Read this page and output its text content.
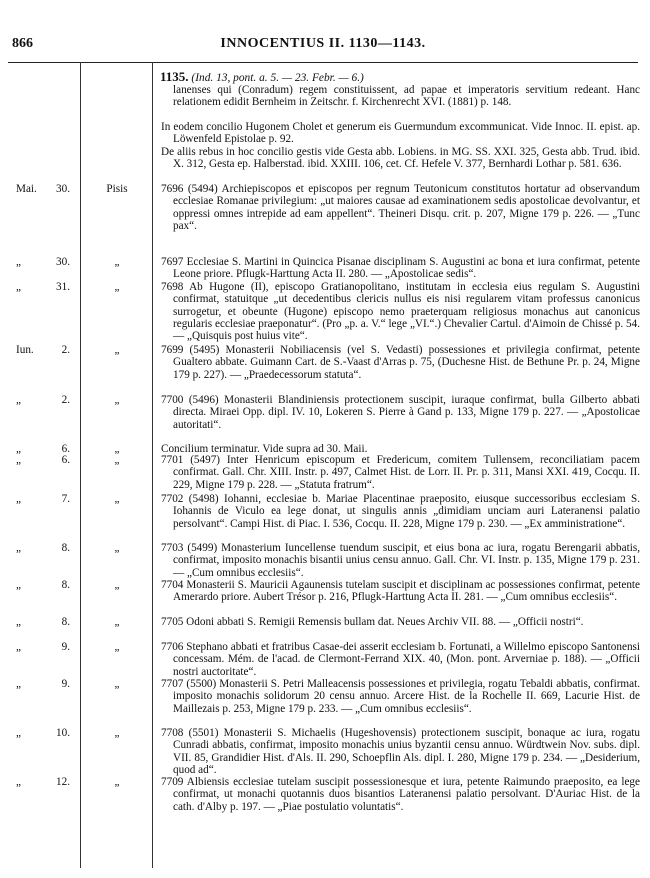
866	INNOCENTIUS II. 1130—1143.
1135. (Ind. 13, pont. a. 5. — 23. Febr. — 6.)
lanenses qui (Conradum) regem constituissent, ad papae et imperatoris servitium redeant. Hanc relationem edidit Bernheim in Zeitschr. f. Kirchenrecht XVI. (1881) p. 148.
In eodem concilio Hugonem Cholet et generum eis Guermundum excommunicat. Vide Innoc. II. epist. ap. Löwenfeld Epistolae p. 92.
De aliis rebus in hoc concilio gestis vide Gesta abb. Lobiens. in MG. SS. XXI. 325, Gesta abb. Trud. ibid. X. 312, Gesta ep. Halberstad. ibid. XXIII. 106, cet. Cf. Hefele V. 377, Bernhardi Lothar p. 581. 636.
Mai. 30.	Pisis	7696 (5494) Archiepiscopos et episcopos per regnum Teutonicum constitutos hortatur ad observandum ecclesiae Romanae privilegium: „ut maiores causae ad examinationem sedis apostolicae devolvantur, et oppressi omnes intrepide ad eam appellent“. Theineri Disqu. crit. p. 207, Migne 179 p. 226. — „Tunc pax“.
„	30.	„	7697 Ecclesiae S. Martini in Quincica Pisanae disciplinam S. Augustini ac bona et iura confirmat, petente Leone priore. Pflugk-Harttung Acta II. 280. — „Apostolicae sedis“.
„	31.	„	7698 Ab Hugone (II), episcopo Gratianopolitano, institutam in ecclesia eius regulam S. Augustini confirmat, statuitque „ut decedentibus clericis nullus eis nisi regularem vitam professus canonicus surrogetur, et obeunte (Hugone) episcopo nemo praeterquam religiosus monachus aut canonicus regularis ecclesiae praeponatur“. (Pro „p. a. V.“ lege „VI.“.) Chevalier Cartul. d'Aimoin de Chissé p. 54. — „Quisquis post huius vite“.
Iun. 2.	„	7699 (5495) Monasterii Nobiliacensis (vel S. Vedasti) possessiones et privilegia confirmat, petente Gualtero abbate. Guimann Cart. de S.-Vaast d'Arras p. 75, (Duchesne Hist. de Bethune Pr. p. 24, Migne 179 p. 227). — „Praedecessorum statuta“.
„	2.	„	7700 (5496) Monasterii Blandiniensis protectionem suscipit, iuraque confirmat, bulla Gilberto abbati directa. Miraei Opp. dipl. IV. 10, Lokeren S. Pierre à Gand p. 133, Migne 179 p. 227. — „Apostolicae autoritati“.
„	6.	„	Concilium terminatur. Vide supra ad 30. Maii.
„	6.	„	7701 (5497) Inter Henricum episcopum et Fredericum, comitem Tullensem, reconciliatiam pacem confirmat. Gall. Chr. XIII. Instr. p. 497, Calmet Hist. de Lorr. II. Pr. p. 311, Mansi XXI. 419, Cocqu. II. 229, Migne 179 p. 228. — „Statuta fratrum“.
„	7.	„	7702 (5498) Iohanni, ecclesiae b. Mariae Placentinae praeposito, eiusque successoribus ecclesiam S. Iohannis de Viculo ea lege donat, ut singulis annis „dimidiam unciam auri Lateranensi palatio persolvant“. Campi Hist. di Piac. I. 536, Cocqu. II. 228, Migne 179 p. 230. — „Ex amministratione“.
„	8.	„	7703 (5499) Monasterium Iuncellense tuendum suscipit, et eius bona ac iura, rogatu Berengarii abbatis, confirmat, imposito monachis bisantii unius censu annuo. Gall. Chr. VI. Instr. p. 135, Migne 179 p. 231. — „Cum omnibus ecclesiis“.
„	8.	„	7704 Monasterii S. Mauricii Agaunensis tutelam suscipit et disciplinam ac possessiones confirmat, petente Amerardo priore. Aubert Trésor p. 216, Pflugk-Harttung Acta II. 281. — „Cum omnibus ecclesiis“.
„	8.	„	7705 Odoni abbati S. Remigii Remensis bullam dat. Neues Archiv VII. 88. — „Officii nostri“.
„	9.	„	7706 Stephano abbati et fratribus Casae-dei asserit ecclesiam b. Fortunati, a Willelmo episcopo Santonensi concessam. Mém. de l'acad. de Clermont-Ferrand XIX. 40, (Mon. pont. Arverniae p. 188). — „Officii nostri auctoritate“.
„	9.	„	7707 (5500) Monasterii S. Petri Malleacensis possessiones et privilegia, rogatu Tebaldi abbatis, confirmat. imposito monachis solidorum 20 censu annuo. Arcere Hist. de la Rochelle II. 669, Lacurie Hist. de Maillezais p. 253, Migne 179 p. 233. — „Cum omnibus ecclesiis“.
„	10.	„	7708 (5501) Monasterii S. Michaelis (Hugeshovensis) protectionem suscipit, bonaque ac iura, rogatu Cunradi abbatis, confirmat, imposito monachis unius byzantii censu annuo. Würdtwein Nov. subs. dipl. VII. 85, Grandidier Hist. d'Als. II. 290, Schoepflin Als. dipl. I. 280, Migne 179 p. 234. — „Desiderium, quod ad“.
„	12.	„	7709 Albiensis ecclesiae tutelam suscipit possessionesque et iura, petente Raimundo praeposito, ea lege confirmat, ut monachi quotannis duos bisantios Lateranensi palatio persolvant. D'Auriac Hist. de la cath. d'Alby p. 197. — „Piae postulatio voluntatis“.
